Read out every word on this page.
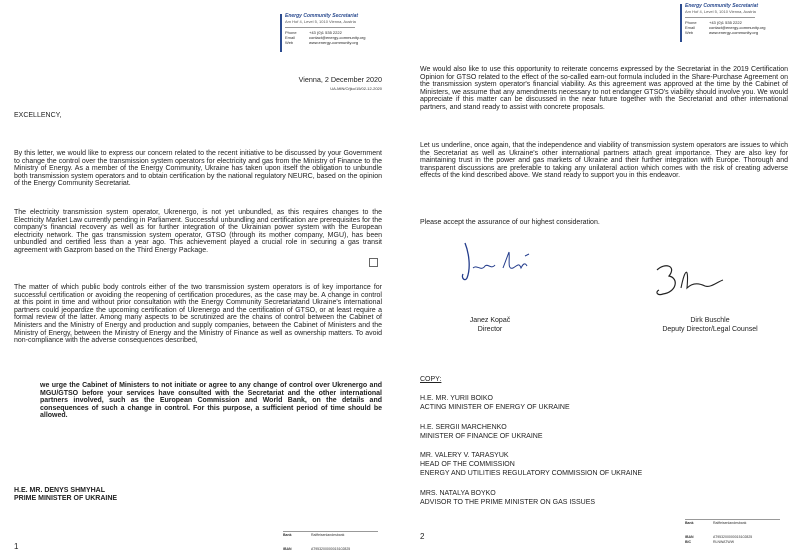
Energy Community Secretariat
Am Hof 4, Level 5, 1010 Vienna, Austria
Phone	+43 (0)1 535 2222
Email	contact@energy-community.org
Web	www.energy-community.org
Vienna, 2 December 2020
UA-MIN/O/jko/15/02-12-2020
EXCELLENCY,
By this letter, we would like to express our concern related to the recent initiative to be discussed by your Government to change the control over the transmission system operators for electricity and gas from the Ministry of Finance to the Ministry of Energy. As a member of the Energy Community, Ukraine has taken upon itself the obligation to unbundle both transmission system operators and to obtain certification by the national regulatory NEURC, based on the opinion of the Energy Community Secretariat.
The electricity transmission system operator, Ukrenergo, is not yet unbundled, as this requires changes to the Electricity Market Law currently pending in Parliament. Successful unbundling and certification are prerequisites for the company's financial recovery as well as for further integration of the Ukrainian power system with the European electricity network. The gas transmission system operator, GTSO (through its mother company, MGU), has been unbundled and certified less than a year ago. This achievement played a crucial role in securing a gas transit agreement with Gazprom based on the Third Energy Package.
The matter of which public body controls either of the two transmission system operators is of key importance for successful certification or avoiding the reopening of certification procedures, as the case may be. A change in control at this point in time and without prior consultation with the Energy Community Secretariatand Ukraine's international partners could jeopardize the upcoming certification of Ukrenergo and the certification of GTSO, or at least require a formal review of the latter. Among many aspects to be scrutinized are the chains of control between the Cabinet of Ministers and the Ministry of Energy and production and supply companies, between the Cabinet of Ministers and the Ministry of Energy, between the Ministry of Energy and the Ministry of Finance as well as ownership matters. To avoid non-compliance with the adverse consequences described,
we urge the Cabinet of Ministers to not initiate or agree to any change of control over Ukrenergo and MGU/GTSO before your services have consulted with the Secretariat and the other international partners involved, such as the European Commission and World Bank, on the details and consequences of such a change in control. For this purpose, a sufficient period of time should be allowed.
H.E. MR. DENYS SHMYHAL
PRIME MINISTER OF UKRAINE
1
Bank	Raiffeisenlandesbank
IBAN	AT953200000015102825
Energy Community Secretariat
Am Hof 4, Level 5, 1010 Vienna, Austria
Phone	+43 (0)1 535 2222
Email	contact@energy-community.org
Web	www.energy-community.org
We would also like to use this opportunity to reiterate concerns expressed by the Secretariat in the 2019 Certification Opinion for GTSO related to the effect of the so-called earn-out formula included in the Share-Purchase Agreement on the transmission system operator's financial viability. As this agreement was approved at the time by the Cabinet of Ministers, we assume that any amendments necessary to not endanger GTSO's viability should involve you. We would appreciate if this matter can be discussed in the near future together with the Secretariat and other international partners, and stand ready to assist with concrete proposals.
Let us underline, once again, that the independence and viability of transmission system operators are issues to which the Secretariat as well as Ukraine's other international partners attach great importance. They are also key for maintaining trust in the power and gas markets of Ukraine and their further integration with Europe. Thorough and transparent discussions are preferable to taking any unilateral action which comes with the risk of creating adverse effects of the kind described above. We stand ready to support you in this endeavor.
Please accept the assurance of our highest consideration.
Janez Kopač
Director
Dirk Buschle
Deputy Director/Legal Counsel
COPY:
H.E. MR. YURII BOIKO
ACTING MINISTER OF ENERGY OF UKRAINE
H.E. SERGII MARCHENKO
MINISTER OF FINANCE OF UKRAINE
MR. VALERY V. TARASYUK
HEAD OF THE COMMISSION
ENERGY AND UTILITIES REGULATORY COMMISSION OF UKRAINE
MRS. NATALYA BOYKO
ADVISOR TO THE PRIME MINISTER ON GAS ISSUES
2
Bank	Raiffeisenlandesbank
IBAN	AT953200000015102825
BIC	RLNWATWW
